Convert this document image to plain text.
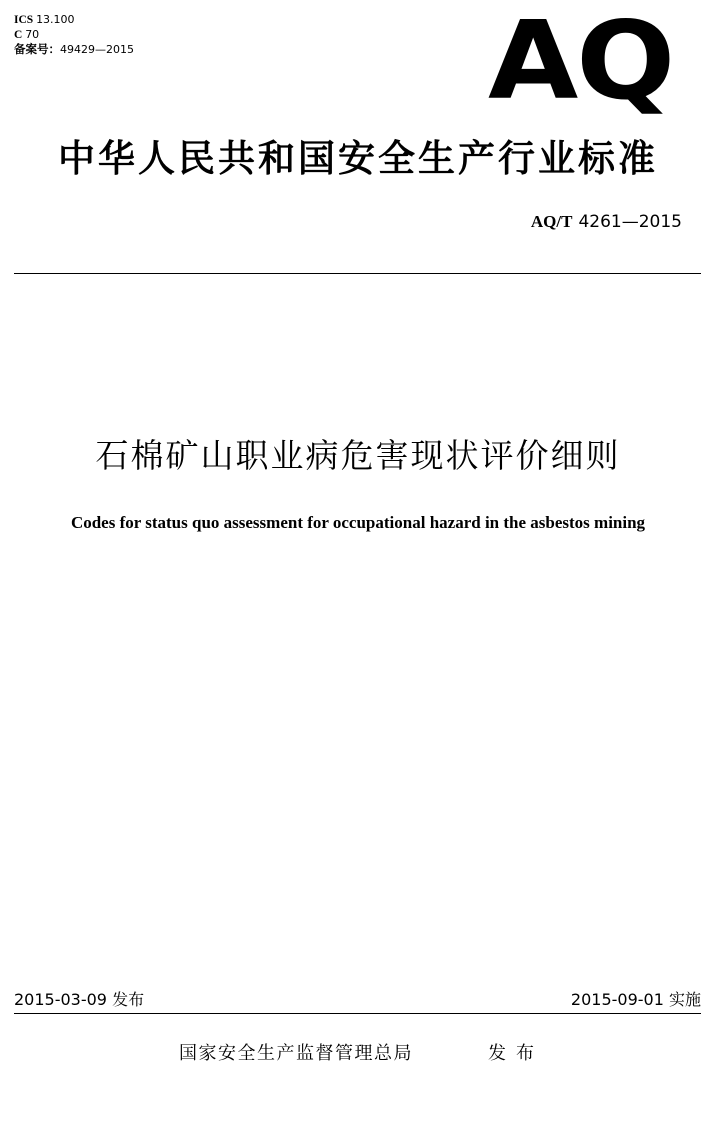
ICS 13.100
C 70
备案号：49429—2015	AQ
中华人民共和国安全生产行业标准
AQ/T 4261—2015
石棉矿山职业病危害现状评价细则
Codes for status quo assessment for occupational hazard in the asbestos mining
2015-03-09 发布	2015-09-01 实施
国家安全生产监督管理总局	发布
